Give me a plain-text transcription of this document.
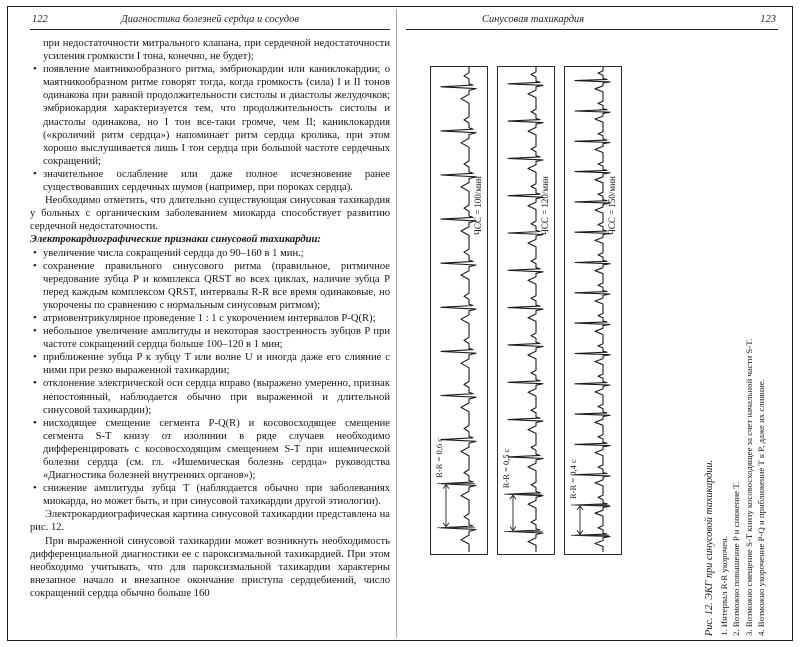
122	Диагностика болезней сердца и сосудов
при недостаточности митрального клапана, при сердечной недостаточности усиления громкости I тона, конечно, не будет);
• появление маятникообразного ритма, эмбриокардии или каниклокардии; о маятникообразном ритме говорят тогда, когда громкость (сила) I и II тонов одинакова при равной продолжительности систолы и диастолы желудочков; эмбриокардия характеризуется тем, что продолжительность систолы и диастолы одинакова, но I тон все-таки громче, чем II; каниклокардия («кроличий ритм сердца») напоминает ритм сердца кролика, при этом хорошо выслушивается лишь I тон сердца при большой частоте сердечных сокращений;
• значительное ослабление или даже полное исчезновение ранее существовавших сердечных шумов (например, при пороках сердца).
Необходимо отметить, что длительно существующая синусовая тахикардия у больных с органическим заболеванием миокарда способствует развитию сердечной недостаточности.
Электрокардиографические признаки синусовой тахикардии:
• увеличение числа сокращений сердца до 90–160 в 1 мин.;
• сохранение правильного синусового ритма (правильное, ритмичное чередование зубца P и комплекса QRST во всех циклах, наличие зубца P перед каждым комплексом QRST, интервалы R-R все время одинаковые, но укорочены по сравнению с нормальным синусовым ритмом);
• атриовентрикулярное проведение 1 : 1 с укорочением интервалов P-Q(R);
• небольшое увеличение амплитуды и некоторая заостренность зубцов P при частоте сокращений сердца больше 100–120 в 1 мин;
• приближение зубца P к зубцу T или волне U и иногда даже его слияние с ними при резко выраженной тахикардии;
• отклонение электрической оси сердца вправо (выражено умеренно, признак непостоянный, наблюдается обычно при выраженной и длительной синусовой тахикардии);
• нисходящее смещение сегмента P-Q(R) и косовосходящее смещение сегмента S-T книзу от изолинии в ряде случаев необходимо дифференцировать с косовосходящим смещением S-T при ишемической болезни сердца (см. гл. «Ишемическая болезнь сердца» руководства «Диагностика болезней внутренних органов»);
• снижение амплитуды зубца T (наблюдается обычно при заболеваниях миокарда, но может быть, и при синусовой тахикардии другой этиологии).
Электрокардиографическая картина синусовой тахикардии представлена на рис. 12.
При выраженной синусовой тахикардии может возникнуть необходимость дифференциальной диагностики ее с пароксизмальной тахикардией. При этом необходимо учитывать, что для пароксизмальной тахикардии характерны внезапное начало и внезапное окончание приступа сердцебиений, число сокращений сердца обычно больше 160
Синусовая тахикардия	123
ЧСС = 100/мин
R-R = 0,6 с
ЧСС = 120/мин
R-R = 0,5 с
ЧСС = 150/мин
R-R = 0,4 с	Рис. 12. ЭКГ при синусовой тахикардии. 1. Интервал R-R укорочен. 2. Возможно повышение P и снижение T. 3. Возможно смещение S-T книзу косовосходящее за счет начальной части S-T. 4. Возможно укорочение P-Q и приближение T к P, даже их слияние.
